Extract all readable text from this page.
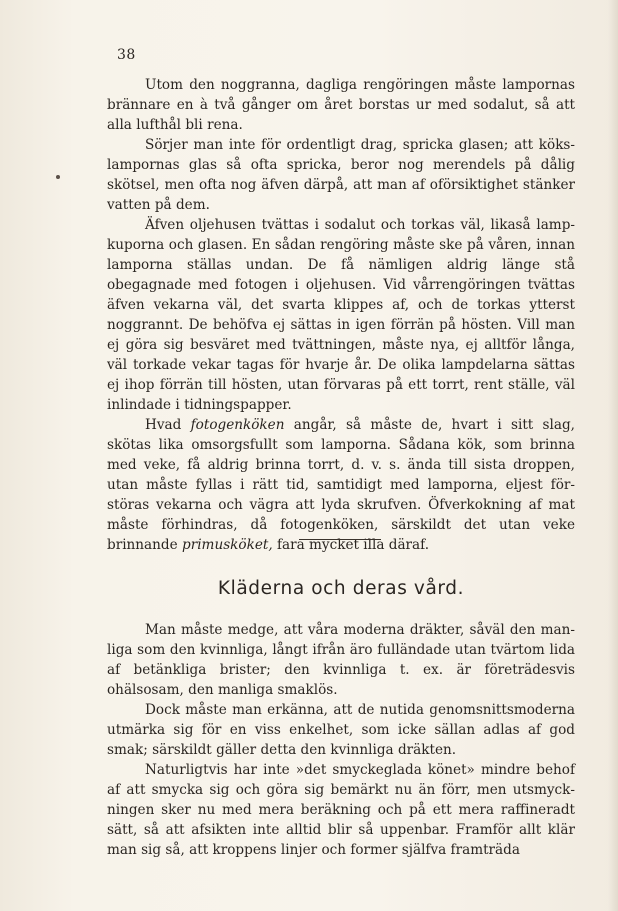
38

Utom den noggranna, dagliga rengöringen måste lampornas brännare en à två gånger om året borstas ur med sodalut, så att alla lufthål bli rena.

Sörjer man inte för ordentligt drag, spricka glasen; att kökslampornas glas så ofta spricka, beror nog merendels på dålig skötsel, men ofta nog äfven därpå, att man af oförsiktighet stänker vatten på dem.

Äfven oljehusen tvättas i sodalut och torkas väl, likaså lampkuporna och glasen. En sådan rengöring måste ske på våren, innan lamporna ställas undan. De få nämligen aldrig länge stå obegagnade med fotogen i oljehusen. Vid vårrengöringen tvättas äfven vekarna väl, det svarta klippes af, och de torkas ytterst noggrannt. De behöfva ej sättas in igen förrän på hösten. Vill man ej göra sig besväret med tvättningen, måste nya, ej alltför långa, väl torkade vekar tagas för hvarje år. De olika lampdelarna sättas ej ihop förrän till hösten, utan förvaras på ett torrt, rent ställe, väl inlindade i tidningspapper.

Hvad fotogenköken angår, så måste de, hvart i sitt slag, skötas lika omsorgsfullt som lamporna. Sådana kök, som brinna med veke, få aldrig brinna torrt, d. v. s. ända till sista droppen, utan måste fyllas i rätt tid, samtidigt med lamporna, eljest förstöras vekarna och vägra att lyda skrufven. Öfverkokning af mat måste förhindras, då fotogenköken, särskildt det utan veke brinnande primusköket, fara mycket illa däraf.

Kläderna och deras vård.

Man måste medge, att våra moderna dräkter, såväl den manliga som den kvinnliga, långt ifrån äro fulländade utan tvärtom lida af betänkliga brister; den kvinnliga t. ex. är företrädesvis ohälsosam, den manliga smaklös.

Dock måste man erkänna, att de nutida genomsnittsmoderna utmärka sig för en viss enkelhet, som icke sällan adlas af god smak; särskildt gäller detta den kvinnliga dräkten.

Naturligtvis har inte »det smyckeglada könet» mindre behof af att smycka sig och göra sig bemärkt nu än förr, men utsmyckningen sker nu med mera beräkning och på ett mera raffineradt sätt, så att afsikten inte alltid blir så uppenbar. Framför allt klär man sig så, att kroppens linjer och former själfva framträda
